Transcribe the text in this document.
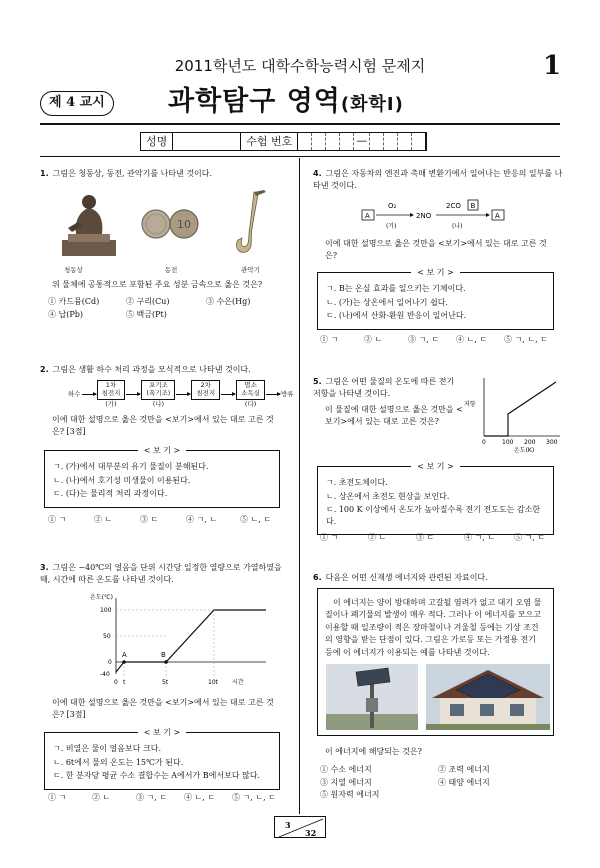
2011학년도 대학수학능력시험 문제지	1
제 4 교시	과학탐구 영역(화학Ⅰ)
성명	수험 번호	—
1. 그림은 청동상, 동전, 관악기를 나타낸 것이다.
10
청동상	동전	관악기
위 물체에 공통적으로 포함된 주요 성분 금속으로 옳은 것은?
① 카드뮴(Cd)	② 구리(Cu)	③ 수은(Hg)
④ 납(Pb)	⑤ 백금(Pt)
2. 그림은 생활 하수 처리 과정을 모식적으로 나타낸 것이다.
하수
1차
침전지
(가)
포기조
(폭기조)
(나)
2차
침전지

멸소
소독실
(다)
방류
이에 대한 설명으로 옳은 것만을 <보기>에서 있는 대로 고른 것은? [3점]
< 보 기 >
ㄱ. (가)에서 대부분의 유기 물질이 분해된다.
ㄴ. (나)에서 호기성 미생물이 이용된다.
ㄷ. (다)는 물리적 처리 과정이다.
① ㄱ	② ㄴ	③ ㄷ	④ ㄱ, ㄴ	⑤ ㄴ, ㄷ
3. 그림은 −40℃의 얼음을 단위 시간당 일정한 열량으로 가열하였을 때, 시간에 따른 온도를 나타낸 것이다.
온도(℃)
100
50
0
-40
A	B
0 t	5t	10t 시간
이에 대한 설명으로 옳은 것만을 <보기>에서 있는 대로 고른 것은? [3점]
< 보 기 >
ㄱ. 비열은 물이 얼음보다 크다.
ㄴ. 6t에서 물의 온도는 15℃가 된다.
ㄷ. 한 분자당 평균 수소 결합수는 A에서가 B에서보다 많다.
① ㄱ	② ㄴ	③ ㄱ, ㄷ	④ ㄴ, ㄷ	⑤ ㄱ, ㄴ, ㄷ
4. 그림은 자동차의 엔진과 촉매 변환기에서 일어나는 반응의 일부를 나타낸 것이다.
A
O₂
(가)
2NO
2CO B
(나)
A
이에 대한 설명으로 옳은 것만을 <보기>에서 있는 대로 고른 것은?
< 보 기 >
ㄱ. B는 온실 효과를 일으키는 기체이다.
ㄴ. (가)는 상온에서 일어나기 쉽다.
ㄷ. (나)에서 산화-환원 반응이 일어난다.
① ㄱ	② ㄴ	③ ㄱ, ㄷ	④ ㄴ, ㄷ	⑤ ㄱ, ㄴ, ㄷ
5. 그림은 어떤 물질의 온도에 따른 전기 저항을 나타낸 것이다.
이 물질에 대한 설명으로 옳은 것만을 <보기>에서 있는 대로 고른 것은?
저항
0	100 200 300
온도(K)
< 보 기 >
ㄱ. 초전도체이다.
ㄴ. 상온에서 초전도 현상을 보인다.
ㄷ. 100 K 이상에서 온도가 높아질수록 전기 전도도는 감소한다.
① ㄱ	② ㄴ	③ ㄷ	④ ㄱ, ㄴ	⑤ ㄱ, ㄷ
6. 다음은 어떤 신재생 에너지와 관련된 자료이다.
이 에너지는 양이 방대하며 고갈될 염려가 없고 대기 오염 물질이나 폐기물의 발생이 매우 적다. 그러나 이 에너지를 모으고 이용할 때 일조량이 적은 장마철이나 겨울철 등에는 기상 조건의 영향을 받는 단점이 있다. 그림은 가로등 또는 가정용 전기 등에 이 에너지가 이용되는 예를 나타낸 것이다.
이 에너지에 해당되는 것은?
① 수소 에너지	② 조력 에너지
③ 지열 에너지	④ 태양 에너지
⑤ 원자력 에너지
3
32
